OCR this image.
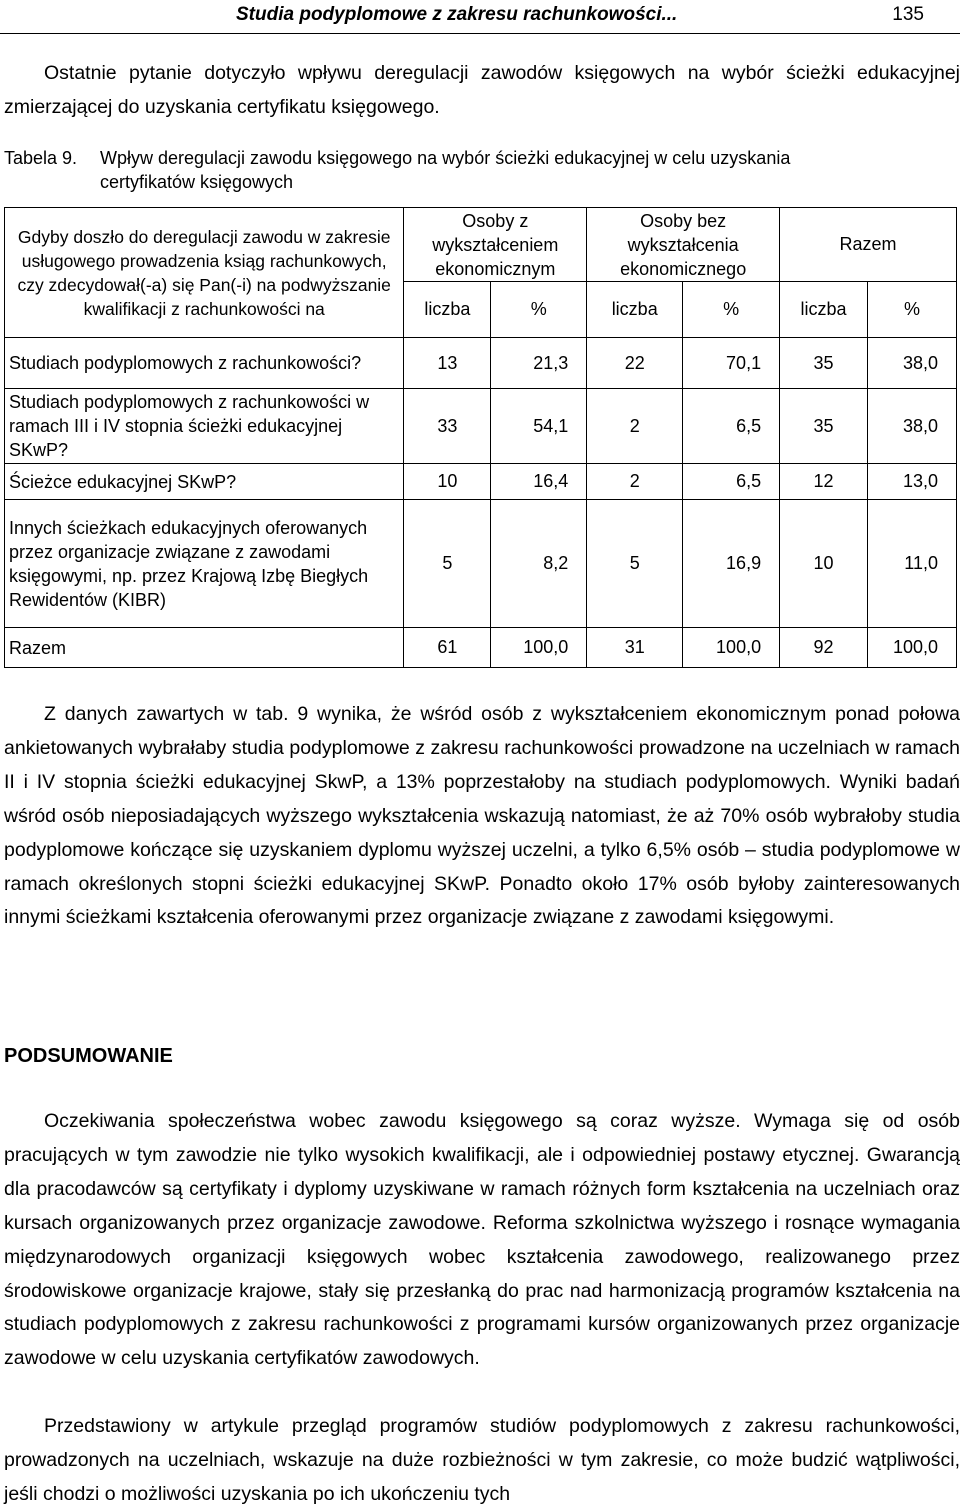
Studia podyplomowe z zakresu rachunkowości...	135
Ostatnie pytanie dotyczyło wpływu deregulacji zawodów księgowych na wybór ścieżki edukacyjnej zmierzającej do uzyskania certyfikatu księgowego.
Tabela 9. Wpływ deregulacji zawodu księgowego na wybór ścieżki edukacyjnej w celu uzyskania
certyfikatów księgowych
Gdyby doszło do deregulacji zawodu w zakresie usługowego prowadzenia ksiąg rachunkowych, czy zdecydował(-a) się Pan(-i) na podwyższanie kwalifikacji z rachunkowości na	Osoby z wykształceniem ekonomicznym		Osoby bez wykształcenia ekonomicznego		Razem	
	liczba	%	liczba	%	liczba	%
Studiach podyplomowych z rachunkowości?	13	21,3	22	70,1	35	38,0
Studiach podyplomowych z rachunkowości w ramach III i IV stopnia ścieżki edukacyjnej SKwP?	33	54,1	2	6,5	35	38,0
Ścieżce edukacyjnej SKwP?	10	16,4	2	6,5	12	13,0
Innych ścieżkach edukacyjnych oferowanych przez organizacje związane z zawodami księgowymi, np. przez Krajową Izbę Biegłych Rewidentów (KIBR)	5	8,2	5	16,9	10	11,0
Razem	61	100,0	31	100,0	92	100,0
Z danych zawartych w tab. 9 wynika, że wśród osób z wykształceniem ekonomicznym ponad połowa ankietowanych wybrałaby studia podyplomowe z zakresu rachunkowości prowadzone na uczelniach w ramach II i IV stopnia ścieżki edukacyjnej SkwP, a 13% poprzestałoby na studiach podyplomowych. Wyniki badań wśród osób nieposiadających wyższego wykształcenia wskazują natomiast, że aż 70% osób wybrałoby studia podyplomowe kończące się uzyskaniem dyplomu wyższej uczelni, a tylko 6,5% osób – studia podyplomowe w ramach określonych stopni ścieżki edukacyjnej SKwP. Ponadto około 17% osób byłoby zainteresowanych innymi ścieżkami kształcenia oferowanymi przez organizacje związane z zawodami księgowymi.
PODSUMOWANIE
Oczekiwania społeczeństwa wobec zawodu księgowego są coraz wyższe. Wymaga się od osób pracujących w tym zawodzie nie tylko wysokich kwalifikacji, ale i odpowiedniej postawy etycznej. Gwarancją dla pracodawców są certyfikaty i dyplomy uzyskiwane w ramach różnych form kształcenia na uczelniach oraz kursach organizowanych przez organizacje zawodowe. Reforma szkolnictwa wyższego i rosnące wymagania międzynarodowych organizacji księgowych wobec kształcenia zawodowego, realizowanego przez środowiskowe organizacje krajowe, stały się przesłanką do prac nad harmonizacją programów kształcenia na studiach podyplomowych z zakresu rachunkowości z programami kursów organizowanych przez organizacje zawodowe w celu uzyskania certyfikatów zawodowych.
Przedstawiony w artykule przegląd programów studiów podyplomowych z zakresu rachunkowości, prowadzonych na uczelniach, wskazuje na duże rozbieżności w tym zakresie, co może budzić wątpliwości, jeśli chodzi o możliwości uzyskania po ich ukończeniu tych
